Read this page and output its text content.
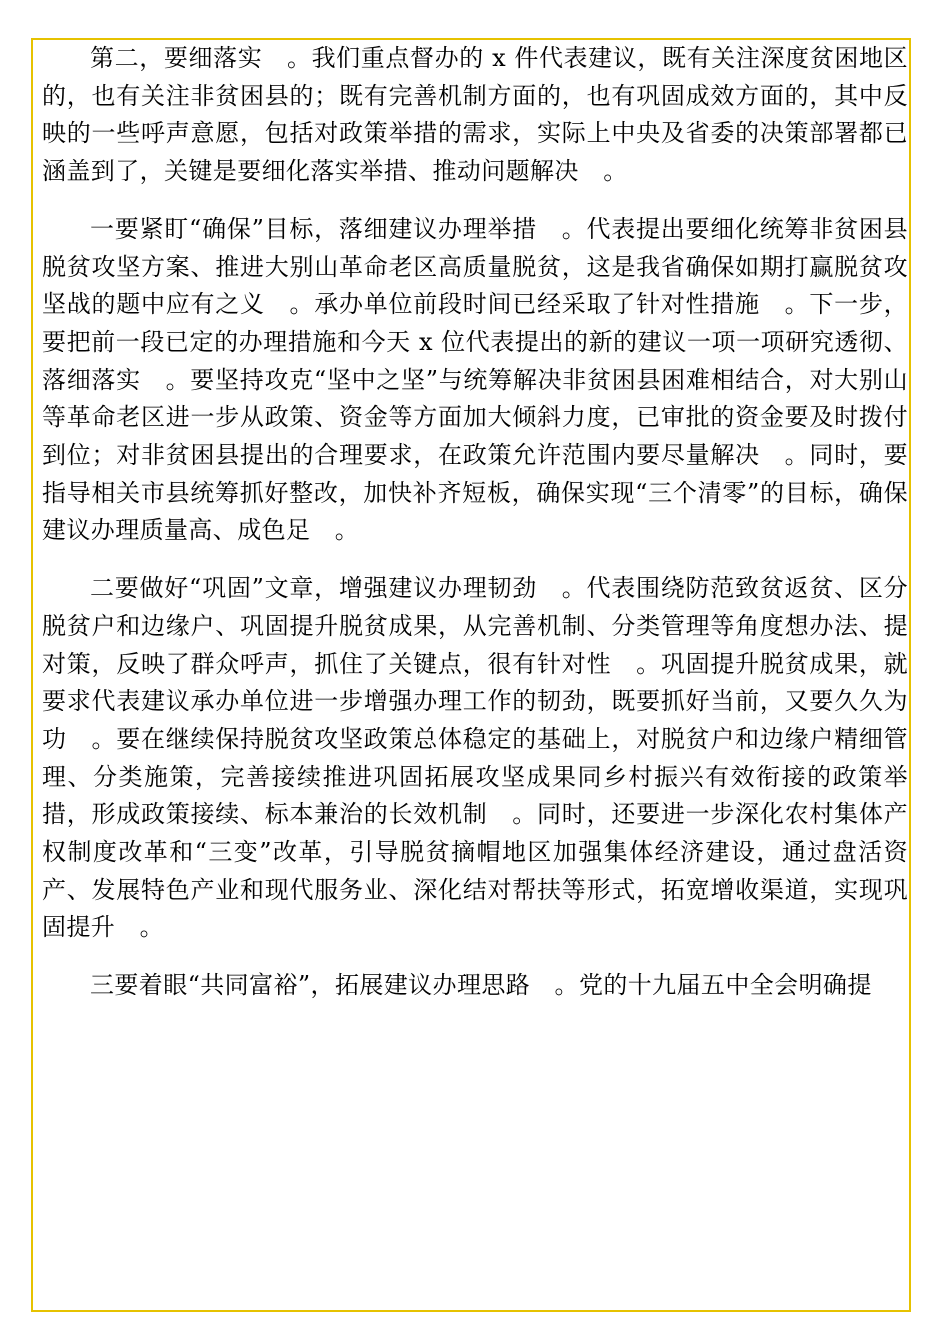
第二，要细落实　。我们重点督办的 x 件代表建议，既有关注深度贫困地区的，也有关注非贫困县的；既有完善机制方面的，也有巩固成效方面的，其中反映的一些呼声意愿，包括对政策举措的需求，实际上中央及省委的决策部署都已涵盖到了，关键是要细化落实举措、推动问题解决　。

一要紧盯“确保”目标，落细建议办理举措　。代表提出要细化统筹非贫困县脱贫攻坚方案、推进大别山革命老区高质量脱贫，这是我省确保如期打赢脱贫攻坚战的题中应有之义　。承办单位前段时间已经采取了针对性措施　。下一步，要把前一段已定的办理措施和今天 x 位代表提出的新的建议一项一项研究透彻、落细落实　。要坚持攻克“坚中之坚”与统筹解决非贫困县困难相结合，对大别山等革命老区进一步从政策、资金等方面加大倾斜力度，已审批的资金要及时拨付到位；对非贫困县提出的合理要求，在政策允许范围内要尽量解决　。同时，要指导相关市县统筹抓好整改，加快补齐短板，确保实现“三个清零”的目标，确保建议办理质量高、成色足　。

二要做好“巩固”文章，增强建议办理韧劲　。代表围绕防范致贫返贫、区分脱贫户和边缘户、巩固提升脱贫成果，从完善机制、分类管理等角度想办法、提对策，反映了群众呼声，抓住了关键点，很有针对性　。巩固提升脱贫成果，就要求代表建议承办单位进一步增强办理工作的韧劲，既要抓好当前，又要久久为功　。要在继续保持脱贫攻坚政策总体稳定的基础上，对脱贫户和边缘户精细管理、分类施策，完善接续推进巩固拓展攻坚成果同乡村振兴有效衔接的政策举措，形成政策接续、标本兼治的长效机制　。同时，还要进一步深化农村集体产权制度改革和“三变”改革，引导脱贫摘帽地区加强集体经济建设，通过盘活资产、发展特色产业和现代服务业、深化结对帮扶等形式，拓宽增收渠道，实现巩固提升　。

三要着眼“共同富裕”，拓展建议办理思路　。党的十九届五中全会明确提
